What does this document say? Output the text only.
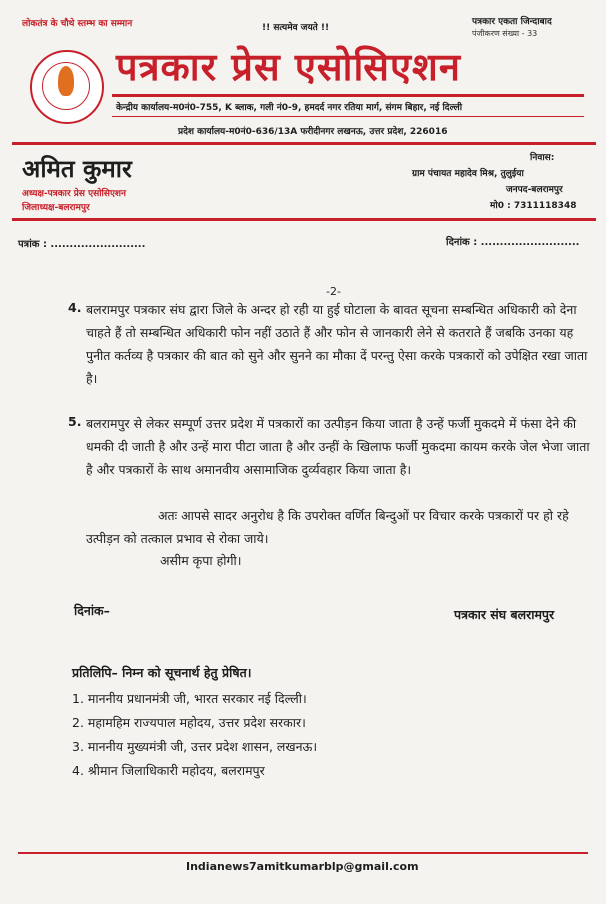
लोकतंत्र के चौथे स्तम्भ का सम्मान	!! सत्यमेव जयते !!
पत्रकार एकता जिन्दाबाद
पंजीकरण संख्या - 33
पत्रकार प्रेस एसोसिएशन
केन्द्रीय कार्यालय-म0नं0-755, K ब्लाक, गली नं0-9, हमदर्द नगर रतिया मार्ग, संगम बिहार, नई दिल्ली
प्रदेश कार्यालय-म0नं0-636/13A फरीदीनगर लखनऊ, उत्तर प्रदेश, 226016
अमित कुमार
अध्यक्ष-पत्रकार प्रेस एसोसिएशन
जिलाध्यक्ष-बलरामपुर
निवास:
ग्राम पंचायत महादेव मिश्र, तुलुईया
जनपद-बलरामपुर
मो0 : 7311118348
पत्रांक : .........................	दिनांक : ..........................
-2-
4. बलरामपुर पत्रकार संघ द्वारा जिले के अन्दर हो रही या हुई घोटाला के बावत सूचना सम्बन्धित अधिकारी को देना चाहते हैं तो सम्बन्धित अधिकारी फोन नहीं उठाते हैं और फोन से जानकारी लेने से कतराते हैं जबकि उनका यह पुनीत कर्तव्य है पत्रकार की बात को सुने और सुनने का मौका दें परन्तु ऐसा करके पत्रकारों को उपेक्षित रखा जाता है।
5. बलरामपुर से लेकर सम्पूर्ण उत्तर प्रदेश में पत्रकारों का उत्पीड़न किया जाता है उन्हें फर्जी मुकदमे में फंसा देने की धमकी दी जाती है और उन्हें मारा पीटा जाता है और उन्हीं के खिलाफ फर्जी मुकदमा कायम करके जेल भेजा जाता है और पत्रकारों के साथ अमानवीय असामाजिक दुर्व्यवहार किया जाता है।
अतः आपसे सादर अनुरोध है कि उपरोक्त वर्णित बिन्दुओं पर विचार करके पत्रकारों पर हो रहे उत्पीड़न को तत्काल प्रभाव से रोका जाये।
असीम कृपा होगी।
दिनांक–	पत्रकार संघ बलरामपुर
प्रतिलिपि– निम्न को सूचनार्थ हेतु प्रेषित।
1. माननीय प्रधानमंत्री जी, भारत सरकार नई दिल्ली।
2. महामहिम राज्यपाल महोदय, उत्तर प्रदेश सरकार।
3. माननीय मुख्यमंत्री जी, उत्तर प्रदेश शासन, लखनऊ।
4. श्रीमान जिलाधिकारी महोदय, बलरामपुर
Indianews7amitkumarblp@gmail.com
